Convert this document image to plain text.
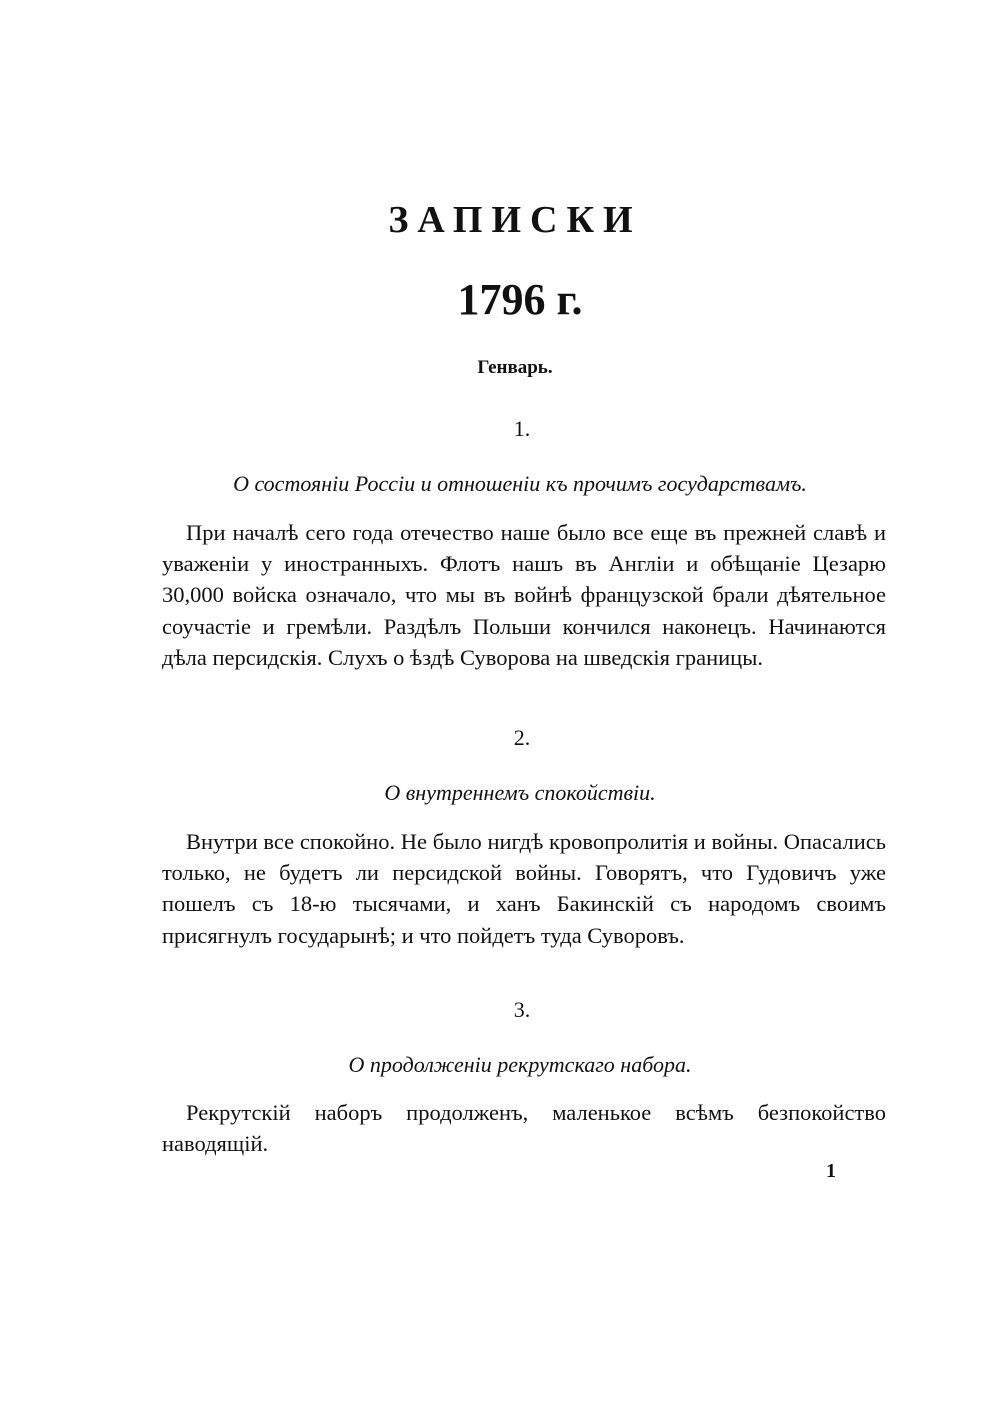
ЗАПИСКИ
1796 г.
Генварь.
1.
О состоянiи Россiи и отношенiи къ прочимъ государствамъ.

При началѣ сего года отечество наше было все еще въ прежней славѣ и уваженiи у иностранныхъ. Флотъ нашъ въ Англiи и обѣщанiе Цезарю 30,000 войска означало, что мы въ войнѣ французской брали дѣятельное соучастiе и гремѣли. Раздѣлъ Польши кончился наконецъ. Начинаются дѣла персидскiя. Слухъ о ѣздѣ Суворова на шведскiя границы.

2.
О внутреннемъ спокойствiи.

Внутри все спокойно. Не было нигдѣ кровопролитiя и войны. Опасались только, не будетъ ли персидской войны. Говорятъ, что Гудовичъ уже пошелъ съ 18-ю тысячами, и ханъ Бакинскiй съ народомъ своимъ присягнулъ государынѣ; и что пойдетъ туда Суворовъ.

3.
О продолженiи рекрутскаго набора.

Рекрутскiй наборъ продолженъ, маленькое всѣмъ безпокойство наводящiй.

1
